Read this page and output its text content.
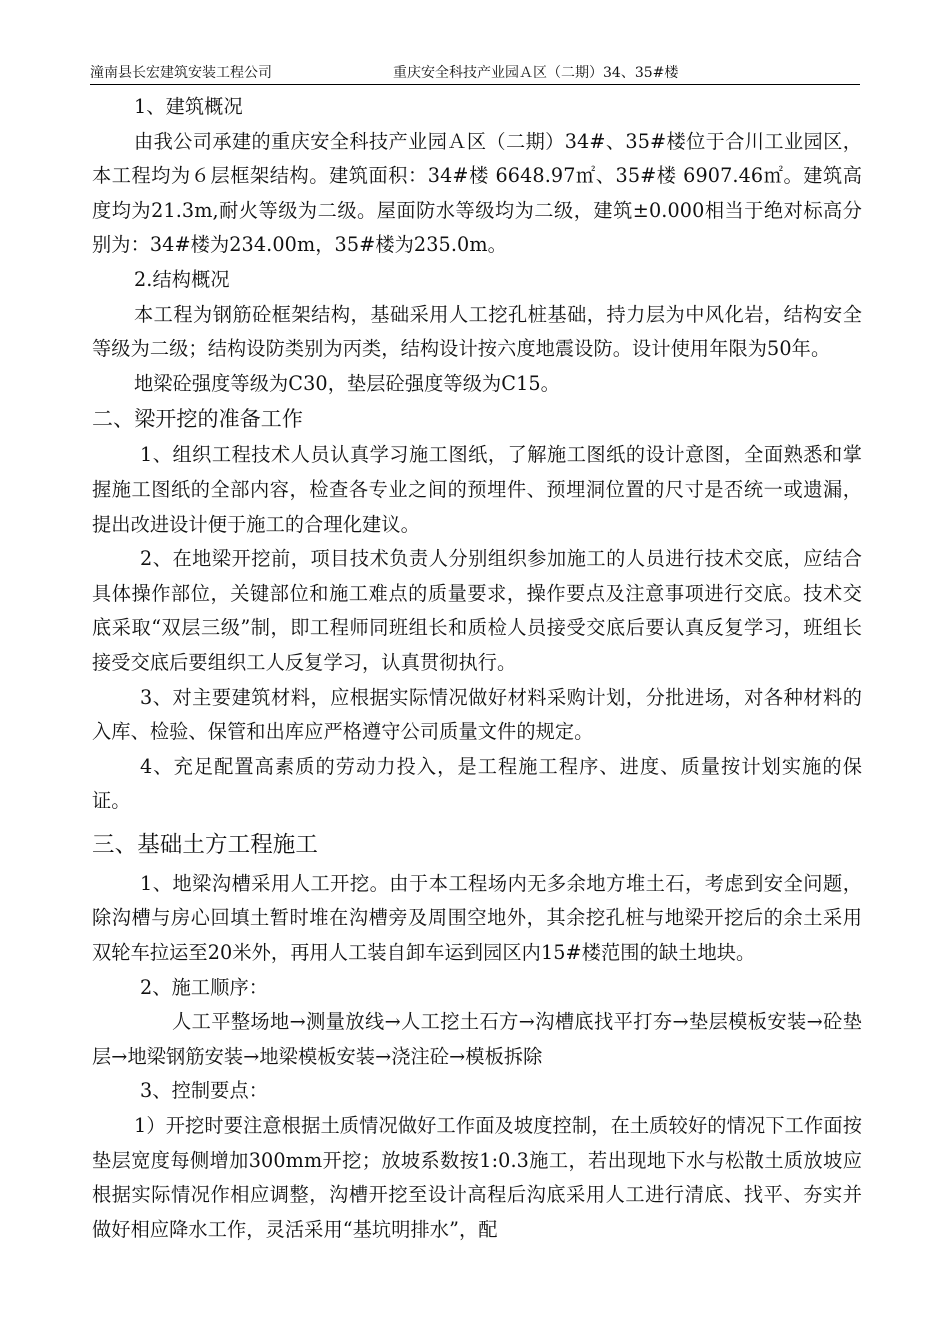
潼南县长宏建筑安装工程公司	重庆安全科技产业园Ａ区（二期）34、35#楼

1、建筑概况

由我公司承建的重庆安全科技产业园Ａ区（二期）34#、35#楼位于合川工业园区，本工程均为６层框架结构。建筑面积：34#楼 6648.97㎡、35#楼 6907.46㎡。建筑高度均为21.3m,耐火等级为二级。屋面防水等级均为二级，建筑±0.000相当于绝对标高分别为：34#楼为234.00m，35#楼为235.0m。

2.结构概况

本工程为钢筋砼框架结构，基础采用人工挖孔桩基础，持力层为中风化岩，结构安全等级为二级；结构设防类别为丙类，结构设计按六度地震设防。设计使用年限为50年。

地梁砼强度等级为C30，垫层砼强度等级为C15。

二、梁开挖的准备工作

1、组织工程技术人员认真学习施工图纸，了解施工图纸的设计意图，全面熟悉和掌握施工图纸的全部内容，检查各专业之间的预埋件、预埋洞位置的尺寸是否统一或遗漏，提出改进设计便于施工的合理化建议。

2、在地梁开挖前，项目技术负责人分别组织参加施工的人员进行技术交底，应结合具体操作部位，关键部位和施工难点的质量要求，操作要点及注意事项进行交底。技术交底采取“双层三级”制，即工程师同班组长和质检人员接受交底后要认真反复学习，班组长接受交底后要组织工人反复学习，认真贯彻执行。

3、对主要建筑材料，应根据实际情况做好材料采购计划，分批进场，对各种材料的入库、检验、保管和出库应严格遵守公司质量文件的规定。

4、充足配置高素质的劳动力投入，是工程施工程序、进度、质量按计划实施的保证。

三、基础土方工程施工

1、地梁沟槽采用人工开挖。由于本工程场内无多余地方堆土石，考虑到安全问题，除沟槽与房心回填土暂时堆在沟槽旁及周围空地外，其余挖孔桩与地梁开挖后的余土采用双轮车拉运至20米外，再用人工装自卸车运到园区内15#楼范围的缺土地块。

2、施工顺序：

人工平整场地→测量放线→人工挖土石方→沟槽底找平打夯→垫层模板安装→砼垫层→地梁钢筋安装→地梁模板安装→浇注砼→模板拆除

3、控制要点：

1）开挖时要注意根据土质情况做好工作面及坡度控制，在土质较好的情况下工作面按垫层宽度每侧增加300mm开挖；放坡系数按1:0.3施工，若出现地下水与松散土质放坡应根据实际情况作相应调整，沟槽开挖至设计高程后沟底采用人工进行清底、找平、夯实并做好相应降水工作，灵活采用“基坑明排水”，配
